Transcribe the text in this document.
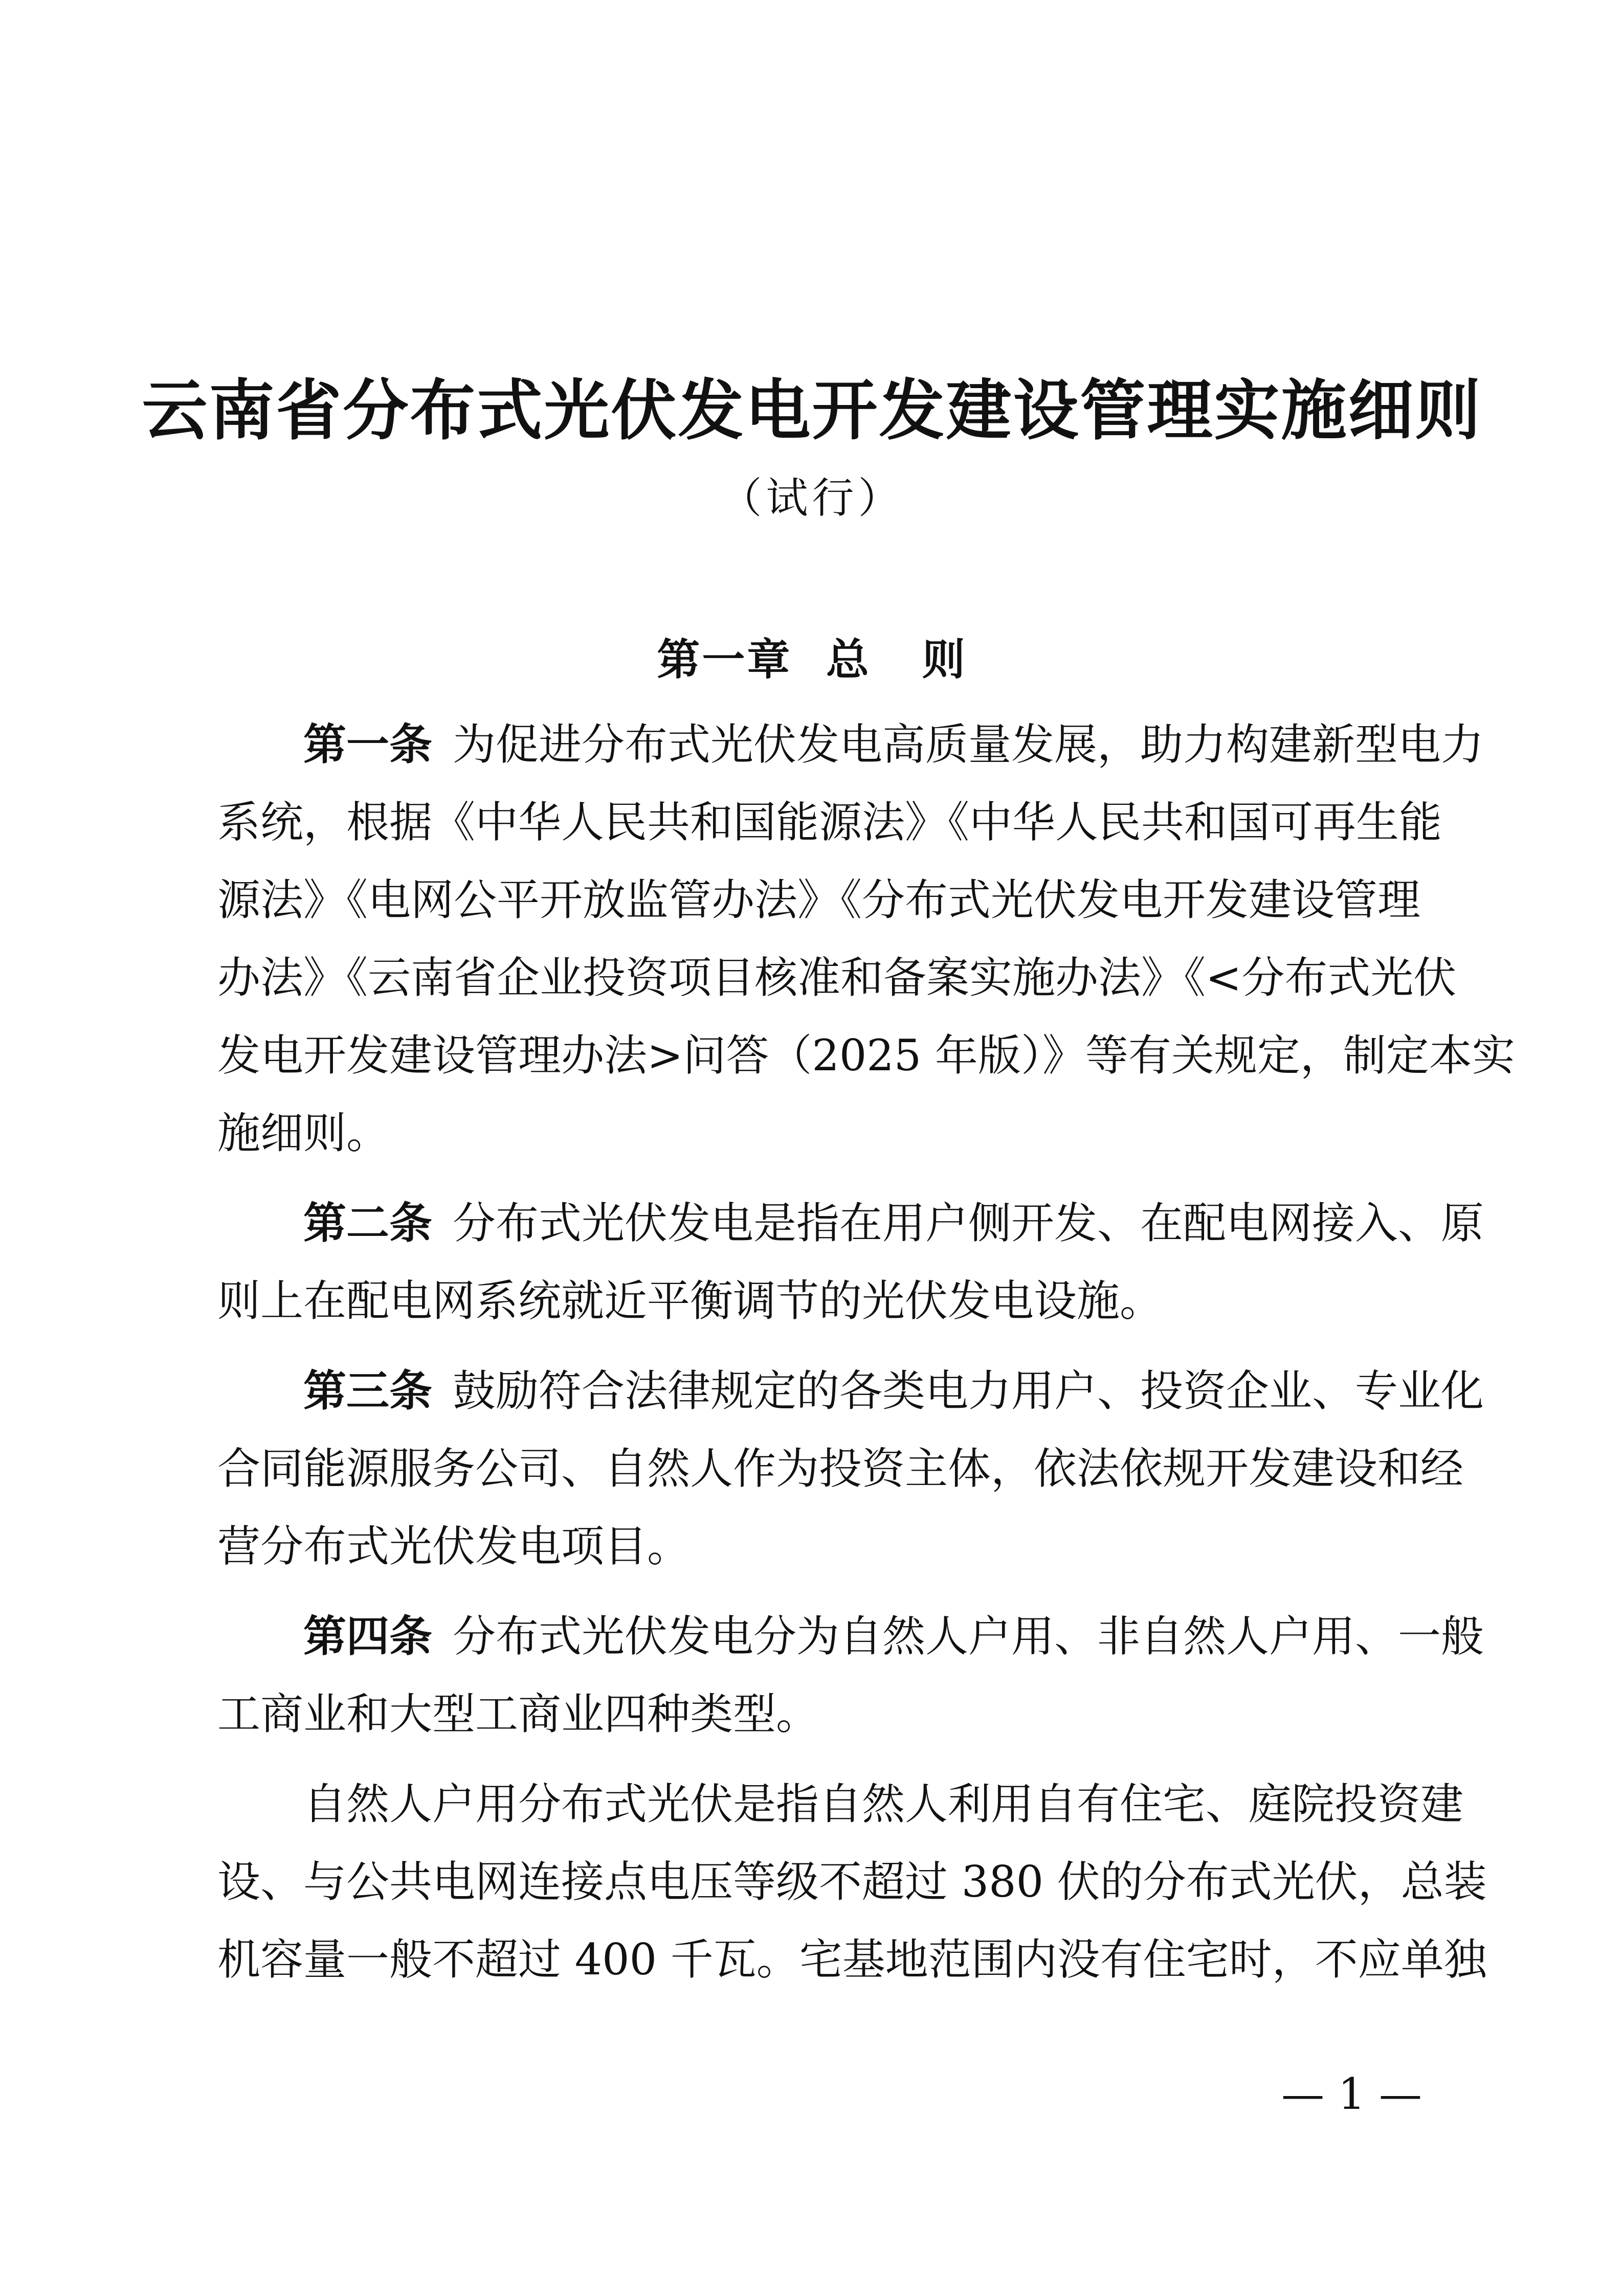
云南省分布式光伏发电开发建设管理实施细则
（试行）
第一章  总   则
第一条 为促进分布式光伏发电高质量发展，助力构建新型电力
系统，根据《中华人民共和国能源法》《中华人民共和国可再生能
源法》《电网公平开放监管办法》《分布式光伏发电开发建设管理
办法》《云南省企业投资项目核准和备案实施办法》《<分布式光伏
发电开发建设管理办法>问答（2025 年版）》等有关规定，制定本实
施细则。
第二条 分布式光伏发电是指在用户侧开发、在配电网接入、原
则上在配电网系统就近平衡调节的光伏发电设施。
第三条 鼓励符合法律规定的各类电力用户、投资企业、专业化
合同能源服务公司、自然人作为投资主体，依法依规开发建设和经
营分布式光伏发电项目。
第四条 分布式光伏发电分为自然人户用、非自然人户用、一般
工商业和大型工商业四种类型。
自然人户用分布式光伏是指自然人利用自有住宅、庭院投资建
设、与公共电网连接点电压等级不超过 380 伏的分布式光伏，总装
机容量一般不超过 400 千瓦。宅基地范围内没有住宅时，不应单独
— 1 —
